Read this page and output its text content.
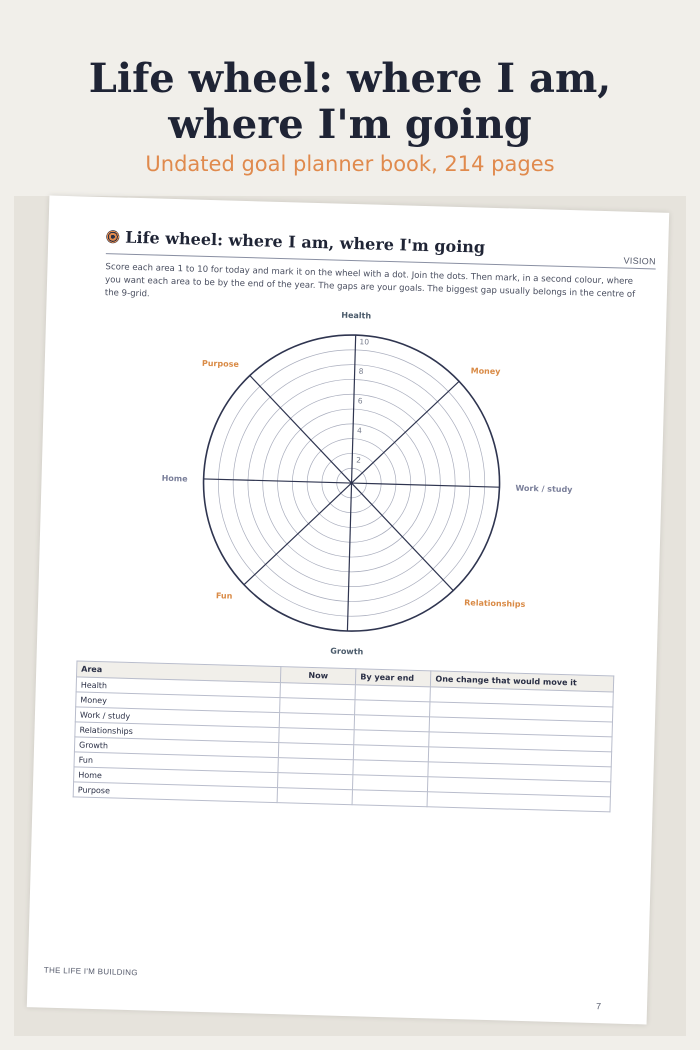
Life wheel: where I am,
where I'm going
Undated goal planner book, 214 pages
Life wheel: where I am, where I'm going
VISION
Score each area 1 to 10 for today and mark it on the wheel with a dot. Join the dots. Then mark, in a second colour, where you want each area to be by the end of the year. The gaps are your goals. The biggest gap usually belongs in the centre of the 9-grid.
2
4
6
8
10
Health
Money
Work / study
Relationships
Growth
Fun
Home
Purpose
Area	Now	By year end	One change that would move it
Health			
Money			
Work / study			
Relationships			
Growth			
Fun			
Home			
Purpose			
THE LIFE I'M BUILDING
7
